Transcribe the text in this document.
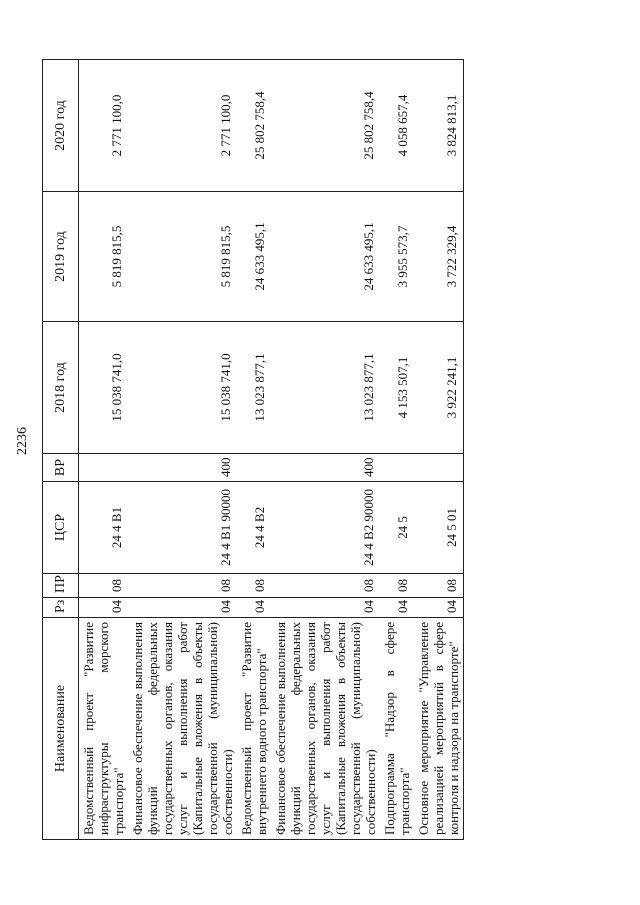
2236
Наименование	Рз	ПР	ЦСР	ВР	2018 год	2019 год	2020 год
Ведомственный проект "Развитие инфраструктуры морского транспорта"	04	08	24 4 В1		15 038 741,0	5 819 815,5	2 771 100,0
Финансовое обеспечение выполнения функций федеральных государственных органов, оказания услуг и выполнения работ (Капитальные вложения в объекты государственной (муниципальной) собственности)	04	08	24 4 В1 90000	400	15 038 741,0	5 819 815,5	2 771 100,0
Ведомственный проект "Развитие внутреннего водного транспорта"	04	08	24 4 В2		13 023 877,1	24 633 495,1	25 802 758,4
Финансовое обеспечение выполнения функций федеральных государственных органов, оказания услуг и выполнения работ (Капитальные вложения в объекты государственной (муниципальной) собственности)	04	08	24 4 В2 90000	400	13 023 877,1	24 633 495,1	25 802 758,4
Подпрограмма "Надзор в сфере транспорта"	04	08	24 5		4 153 507,1	3 955 573,7	4 058 657,4
Основное мероприятие "Управление реализацией мероприятий в сфере контроля и надзора на транспорте"	04	08	24 5 01		3 922 241,1	3 722 329,4	3 824 813,1
